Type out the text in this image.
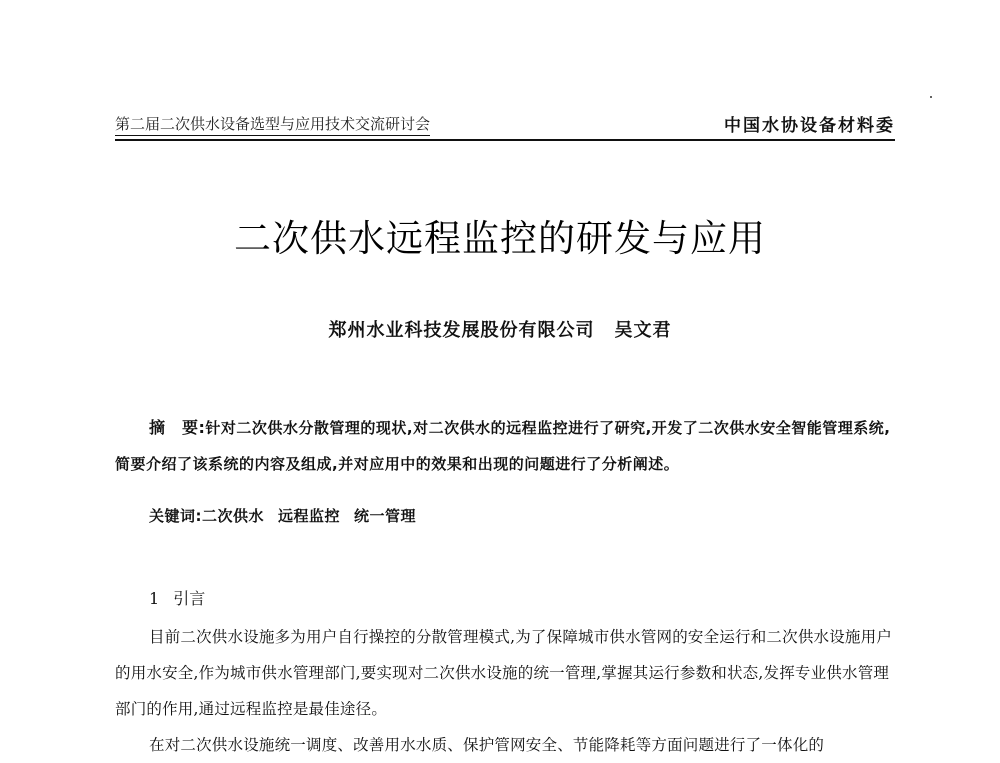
第二届二次供水设备选型与应用技术交流研讨会	中国水协设备材料委
二次供水远程监控的研发与应用
郑州水业科技发展股份有限公司 吴文君
摘　要:针对二次供水分散管理的现状,对二次供水的远程监控进行了研究,开发了二次供水安全智能管理系统,简要介绍了该系统的内容及组成,并对应用中的效果和出现的问题进行了分析阐述。
关键词:二次供水 远程监控 统一管理
1 引言

目前二次供水设施多为用户自行操控的分散管理模式,为了保障城市供水管网的安全运行和二次供水设施用户的用水安全,作为城市供水管理部门,要实现对二次供水设施的统一管理,掌握其运行参数和状态,发挥专业供水管理部门的作用,通过远程监控是最佳途径。

在对二次供水设施统一调度、改善用水水质、保护管网安全、节能降耗等方面问题进行了一体化的
